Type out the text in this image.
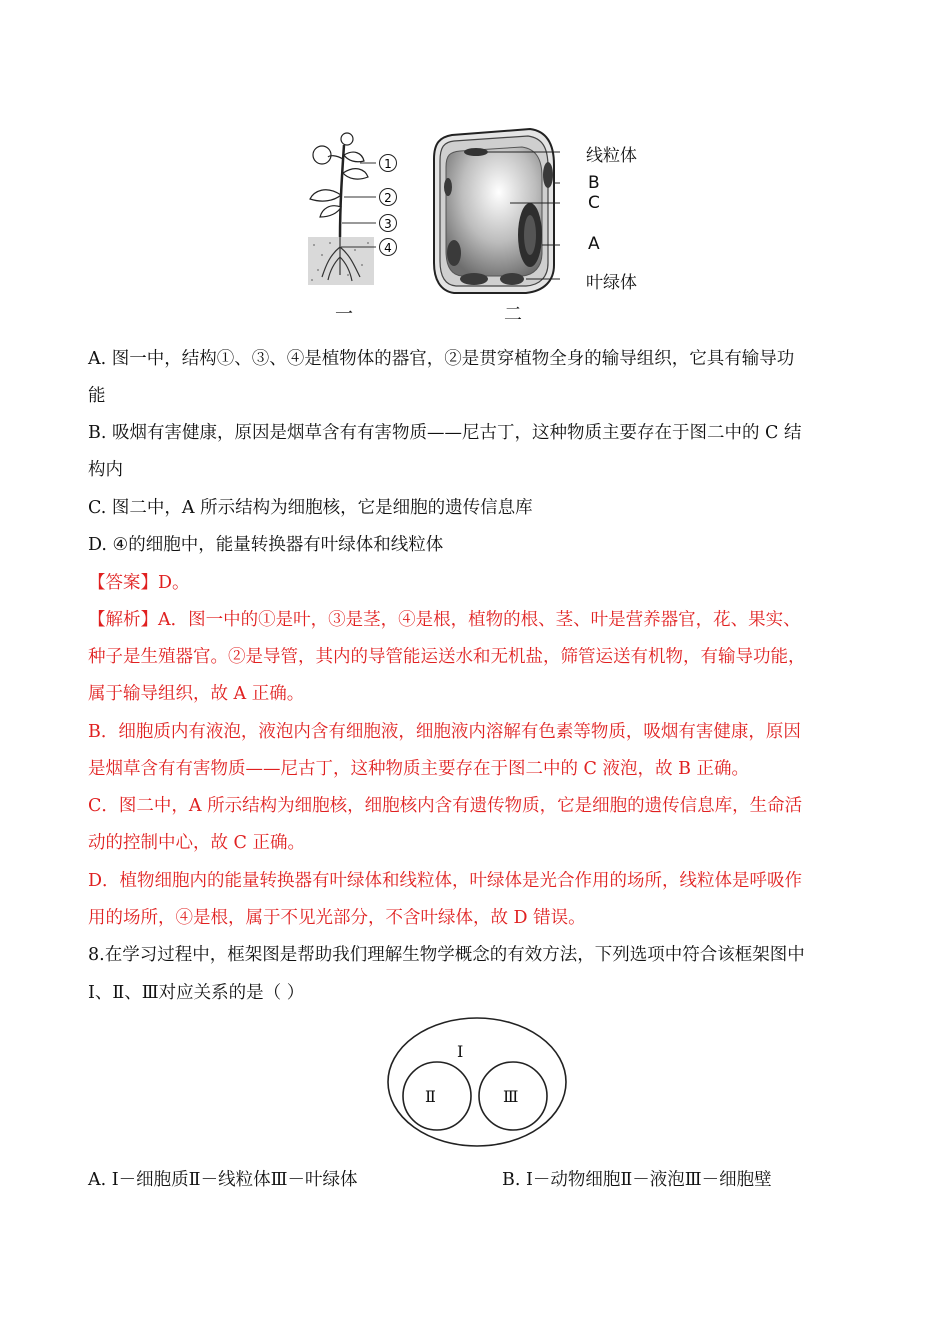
1
2
3
4
一
线粒体
B
C
A
叶绿体
二
A. 图一中，结构①、③、④是植物体的器官，②是贯穿植物全身的输导组织，它具有输导功
能
B. 吸烟有害健康，原因是烟草含有有害物质——尼古丁，这种物质主要存在于图二中的 C 结
构内
C. 图二中，A 所示结构为细胞核，它是细胞的遗传信息库
D. ④的细胞中，能量转换器有叶绿体和线粒体
【答案】D。
【解析】A．图一中的①是叶，③是茎，④是根，植物的根、茎、叶是营养器官，花、果实、
种子是生殖器官。②是导管，其内的导管能运送水和无机盐，筛管运送有机物，有输导功能，
属于输导组织，故 A 正确。
B．细胞质内有液泡，液泡内含有细胞液，细胞液内溶解有色素等物质，吸烟有害健康，原因
是烟草含有有害物质——尼古丁，这种物质主要存在于图二中的 C 液泡，故 B 正确。
C．图二中，A 所示结构为细胞核，细胞核内含有遗传物质，它是细胞的遗传信息库，生命活
动的控制中心，故 C 正确。
D．植物细胞内的能量转换器有叶绿体和线粒体，叶绿体是光合作用的场所，线粒体是呼吸作
用的场所，④是根，属于不见光部分，不含叶绿体，故 D 错误。
8.在学习过程中，框架图是帮助我们理解生物学概念的有效方法，下列选项中符合该框架图中
Ⅰ、Ⅱ、Ⅲ对应关系的是（ ）
Ⅰ
Ⅱ	Ⅲ
A. Ⅰ－细胞质Ⅱ－线粒体Ⅲ－叶绿体	B. Ⅰ－动物细胞Ⅱ－液泡Ⅲ－细胞壁
